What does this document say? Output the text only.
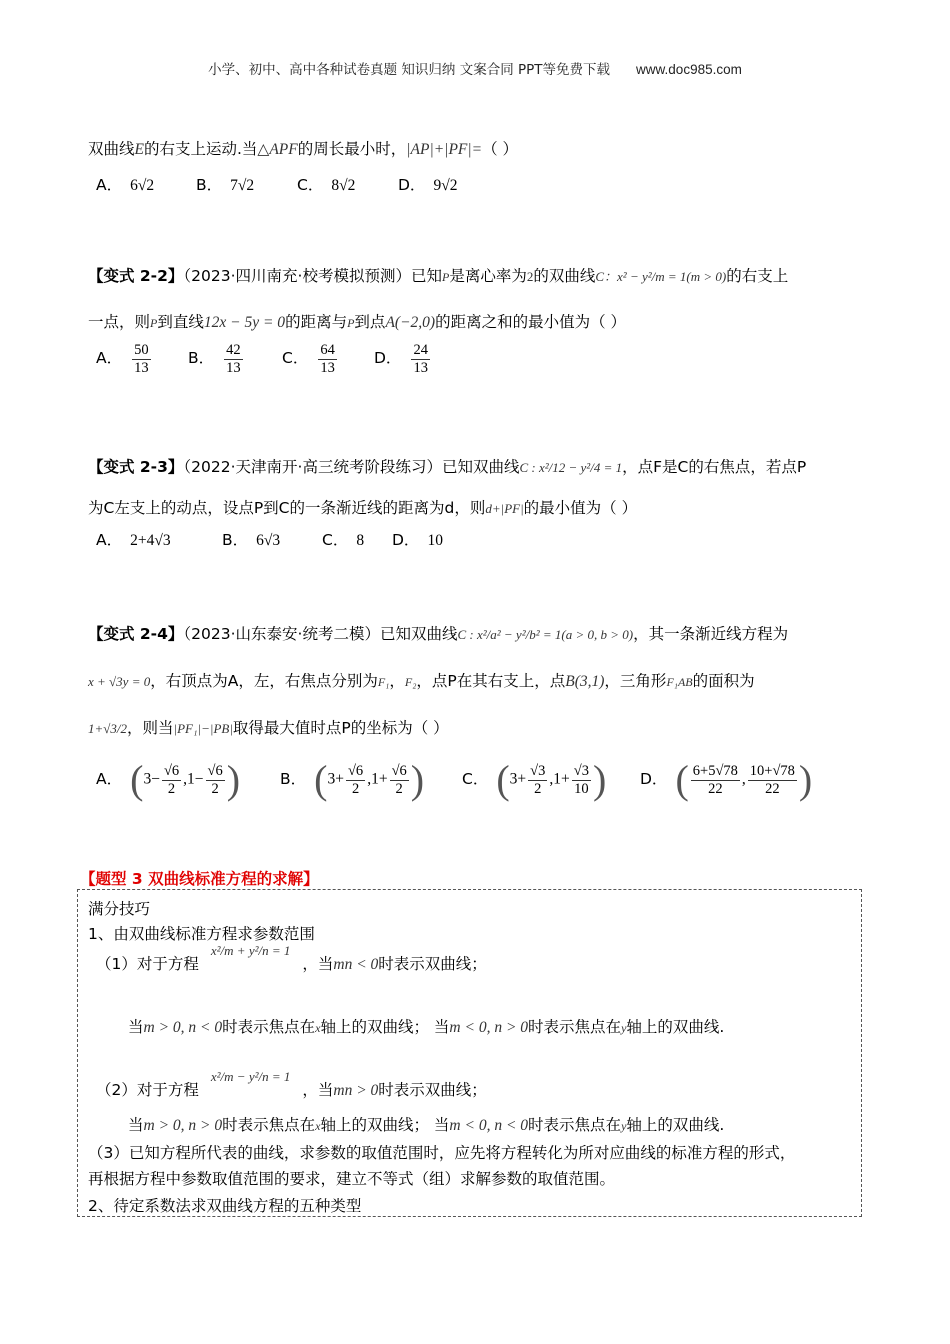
小学、初中、高中各种试卷真题 知识归纳 文案合同 PPT等免费下载 www.doc985.com
双曲线E的右支上运动.当△APF的周长最小时，|AP|+|PF|=（ ）
A． 6√2	B． 7√2	C． 8√2	D． 9√2
【变式 2-2】（2023·四川南充·校考模拟预测）已知P是离心率为2的双曲线C：x² − y²/m = 1(m > 0)的右支上
一点，则P到直线12x − 5y = 0的距离与P到点A(−2,0)的距离之和的最小值为（ ）
A． $\frac{50}{13}$ B． $\frac{42}{13}$	C． $\frac{64}{13}$ D． $\frac{24}{13}$
【变式 2-3】（2022·天津南开·高三统考阶段练习）已知双曲线C : x²/12 − y²/4 = 1，点F是C的右焦点，若点P
为C左支上的动点，设点P到C的一条渐近线的距离为d，则d+|PF|的最小值为（ ）
A． 2+4√3	B． 6√3	C． 8 D． 10
【变式 2-4】（2023·山东泰安·统考二模）已知双曲线C : x²/a² − y²/b² = 1(a > 0, b > 0)，其一条渐近线方程为
x + √3y = 0，右顶点为A，左，右焦点分别为F₁，F₂，点P在其右支上，点B(3,1)，三角形F₁AB的面积为
1+√3/2，则当|PF₁|−|PB|取得最大值时点P的坐标为（ ）
A． ($3- \frac{√6}{2} ,1- \frac{√6}{2}$ )	B． ($3+ \frac{√6}{2} ,1+ \frac{√6}{2}$ ) C． ($3+ \frac{√3}{2} ,1+ \frac{√3}{10}$ ) D． ( $\frac{6+5√78}{22}$ , $\frac{10+√78}{22}$ )
【题型 3 双曲线标准方程的求解】
满分技巧
1、由双曲线标准方程求参数范围
（1）对于方程$^{x^2/m + y^2/n = 1}$，当mn < 0时表示双曲线；
当m > 0, n < 0时表示焦点在x轴上的双曲线； 当m < 0, n > 0时表示焦点在y轴上的双曲线.
（2）对于方程$^{x^2/m - y^2/n = 1}$，当mn > 0时表示双曲线；
当m > 0, n > 0时表示焦点在x轴上的双曲线； 当m < 0, n < 0时表示焦点在y轴上的双曲线.
（3）已知方程所代表的曲线，求参数的取值范围时，应先将方程转化为所对应曲线的标准方程的形式，
再根据方程中参数取值范围的要求，建立不等式（组）求解参数的取值范围。
2、待定系数法求双曲线方程的五种类型
